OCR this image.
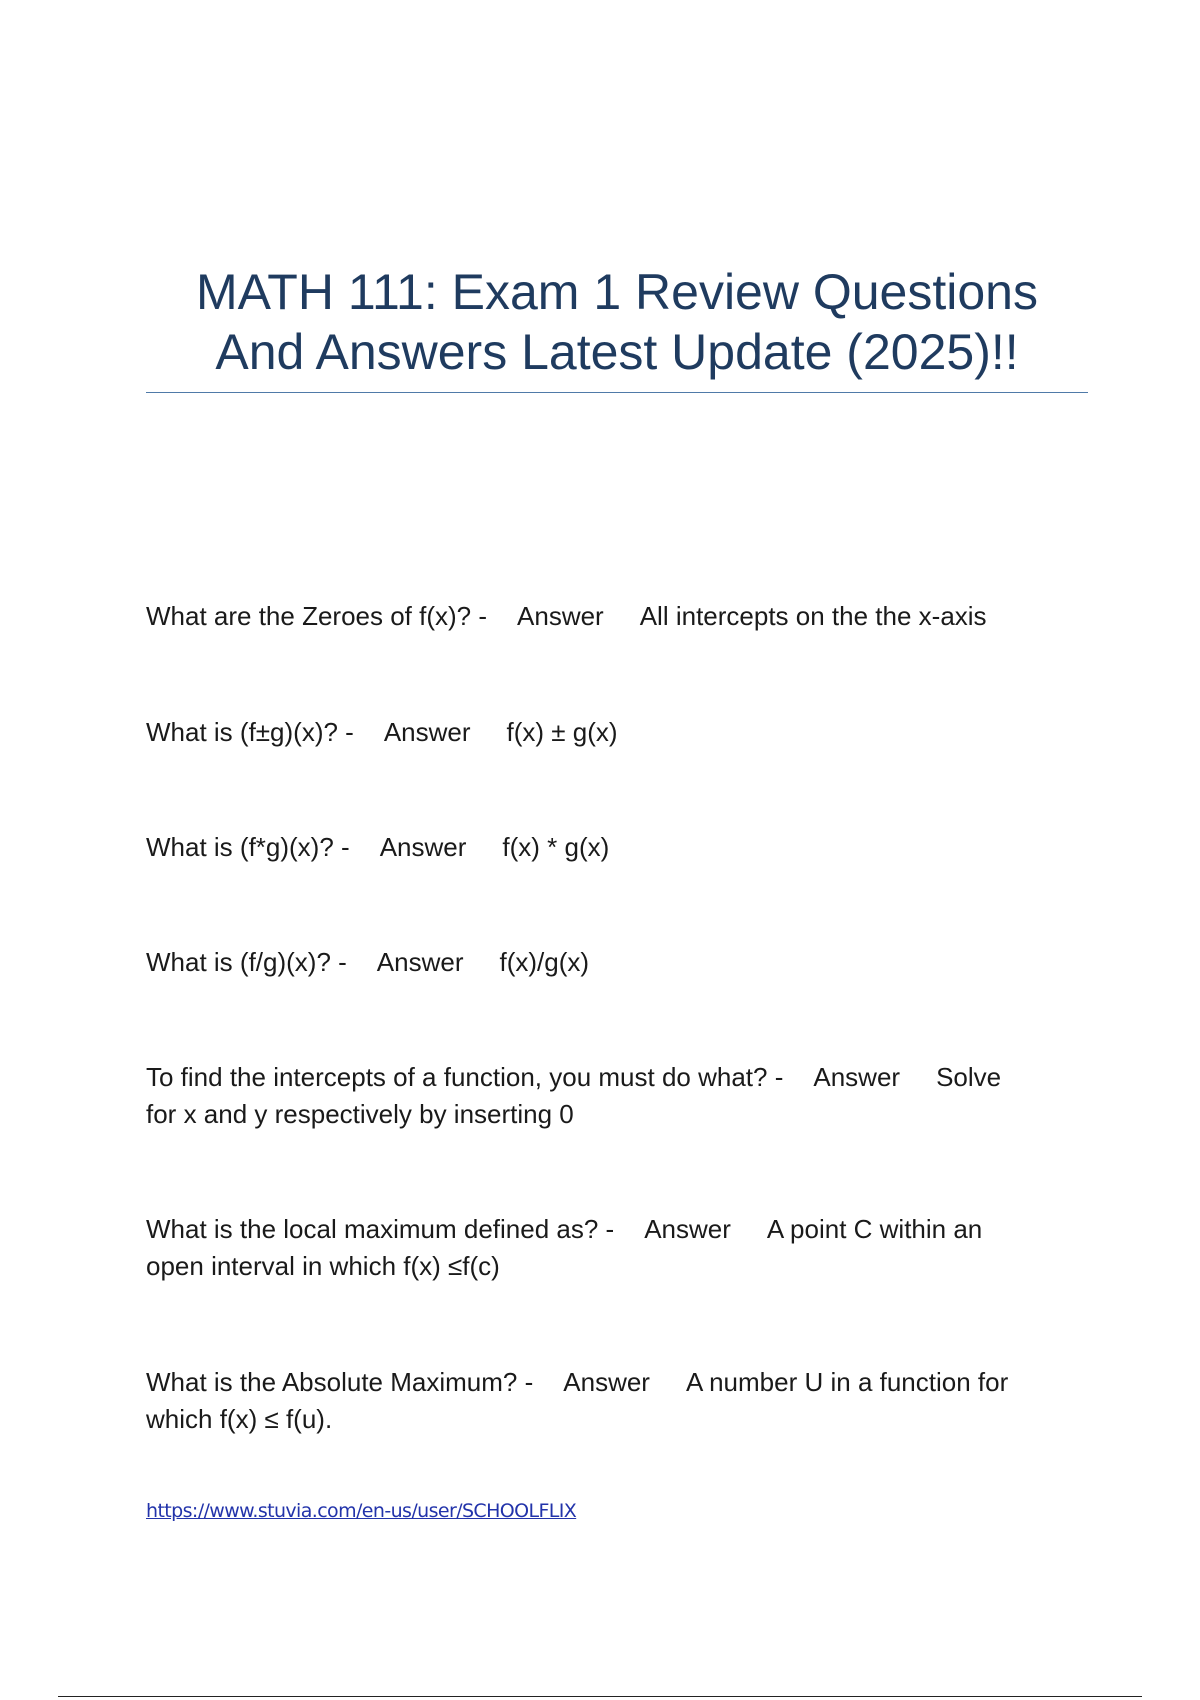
MATH 111: Exam 1 Review Questions
And Answers Latest Update (2025)!!
What are the Zeroes of f(x)? - Answer All intercepts on the the x-axis
What is (f±g)(x)? - Answer f(x) ± g(x)
What is (f*g)(x)? - Answer f(x) * g(x)
What is (f/g)(x)? - Answer f(x)/g(x)
To find the intercepts of a function, you must do what? - Answer Solve
for x and y respectively by inserting 0
What is the local maximum defined as? - Answer A point C within an
open interval in which f(x) ≤f(c)
What is the Absolute Maximum? - Answer A number U in a function for
which f(x) ≤ f(u).
https://www.stuvia.com/en-us/user/SCHOOLFLIX
